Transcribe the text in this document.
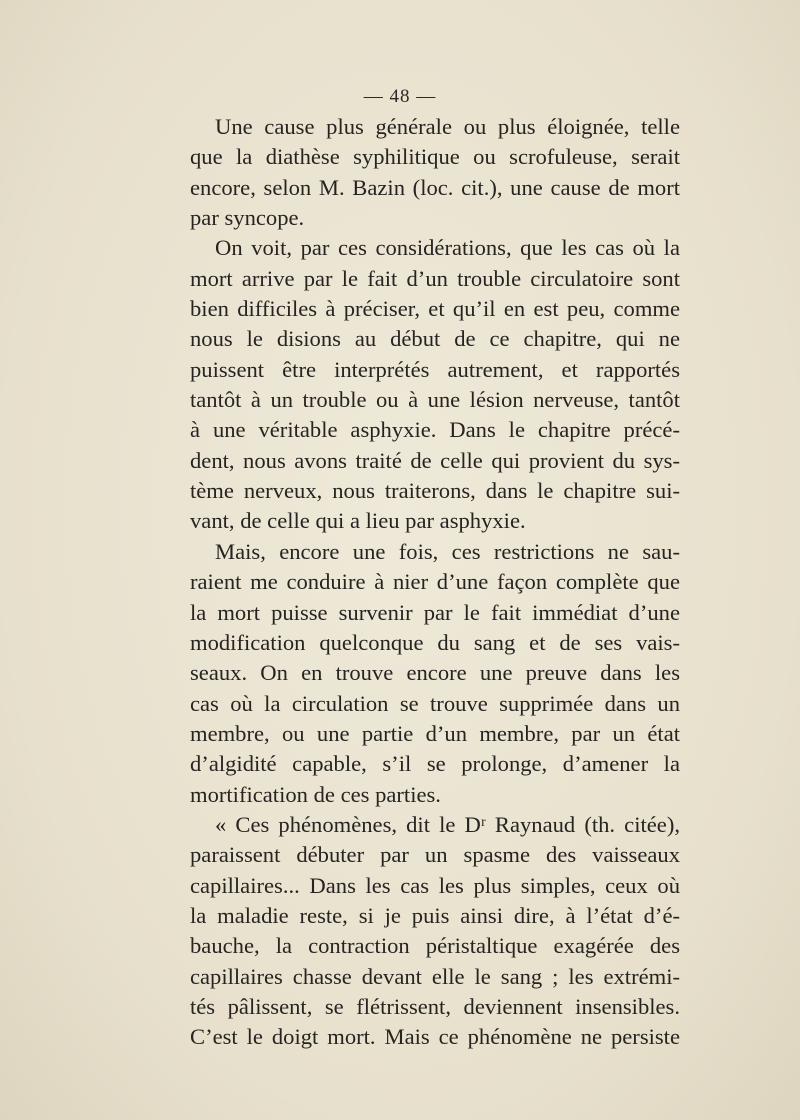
— 48 —
Une cause plus générale ou plus éloignée, telle
que la diathèse syphilitique ou scrofuleuse, serait
encore, selon M. Bazin (loc. cit.), une cause de mort
par syncope.
On voit, par ces considérations, que les cas où la
mort arrive par le fait d’un trouble circulatoire sont
bien difficiles à préciser, et qu’il en est peu, comme
nous le disions au début de ce chapitre, qui ne
puissent être interprétés autrement, et rapportés
tantôt à un trouble ou à une lésion nerveuse, tantôt
à une véritable asphyxie. Dans le chapitre précé-
dent, nous avons traité de celle qui provient du sys-
tème nerveux, nous traiterons, dans le chapitre sui-
vant, de celle qui a lieu par asphyxie.
Mais, encore une fois, ces restrictions ne sau-
raient me conduire à nier d’une façon complète que
la mort puisse survenir par le fait immédiat d’une
modification quelconque du sang et de ses vais-
seaux. On en trouve encore une preuve dans les
cas où la circulation se trouve supprimée dans un
membre, ou une partie d’un membre, par un état
d’algidité capable, s’il se prolonge, d’amener la
mortification de ces parties.
« Ces phénomènes, dit le Dʳ Raynaud (th. citée),
paraissent débuter par un spasme des vaisseaux
capillaires... Dans les cas les plus simples, ceux où
la maladie reste, si je puis ainsi dire, à l’état d’é-
bauche, la contraction péristaltique exagérée des
capillaires chasse devant elle le sang ; les extrémi-
tés pâlissent, se flétrissent, deviennent insensibles.
C’est le doigt mort. Mais ce phénomène ne persiste
